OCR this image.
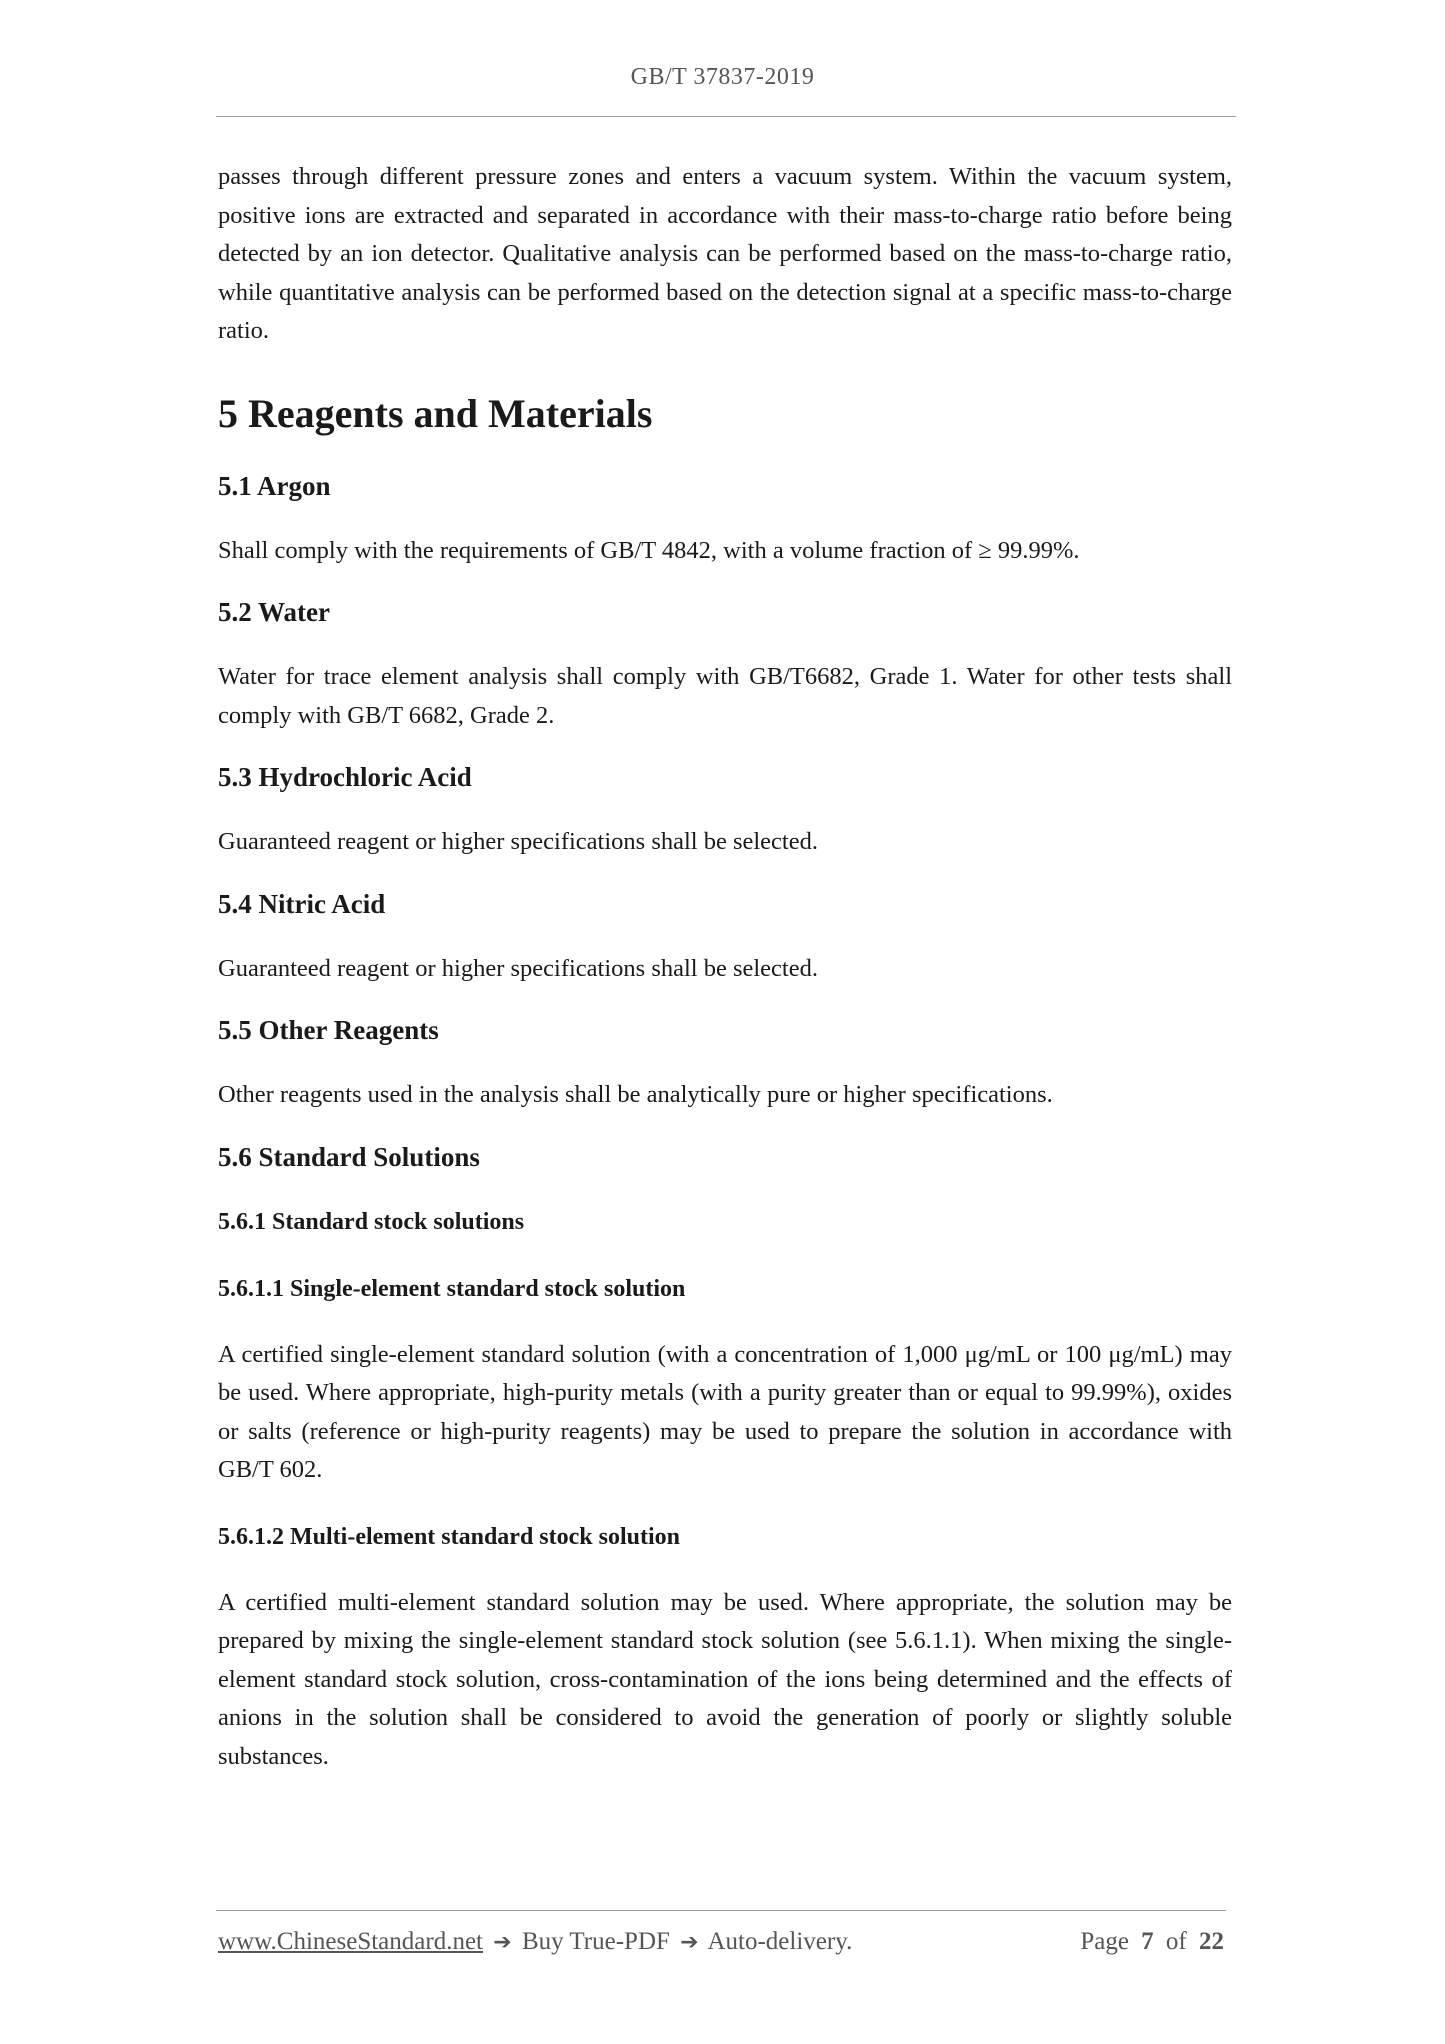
GB/T 37837-2019

passes through different pressure zones and enters a vacuum system. Within the vacuum system, positive ions are extracted and separated in accordance with their mass-to-charge ratio before being detected by an ion detector. Qualitative analysis can be performed based on the mass-to-charge ratio, while quantitative analysis can be performed based on the detection signal at a specific mass-to-charge ratio.

5 Reagents and Materials
5.1 Argon

Shall comply with the requirements of GB/T 4842, with a volume fraction of ≥ 99.99%.

5.2 Water

Water for trace element analysis shall comply with GB/T6682, Grade 1. Water for other tests shall comply with GB/T 6682, Grade 2.

5.3 Hydrochloric Acid

Guaranteed reagent or higher specifications shall be selected.

5.4 Nitric Acid

Guaranteed reagent or higher specifications shall be selected.

5.5 Other Reagents

Other reagents used in the analysis shall be analytically pure or higher specifications.

5.6 Standard Solutions
5.6.1 Standard stock solutions
5.6.1.1 Single-element standard stock solution

A certified single-element standard solution (with a concentration of 1,000 μg/mL or 100 μg/mL) may be used. Where appropriate, high-purity metals (with a purity greater than or equal to 99.99%), oxides or salts (reference or high-purity reagents) may be used to prepare the solution in accordance with GB/T 602.

5.6.1.2 Multi-element standard stock solution

A certified multi-element standard solution may be used. Where appropriate, the solution may be prepared by mixing the single-element standard stock solution (see 5.6.1.1). When mixing the single-element standard stock solution, cross-contamination of the ions being determined and the effects of anions in the solution shall be considered to avoid the generation of poorly or slightly soluble substances.

www.ChineseStandard.net ➔ Buy True-PDF ➔ Auto-delivery.	Page 7 of 22
